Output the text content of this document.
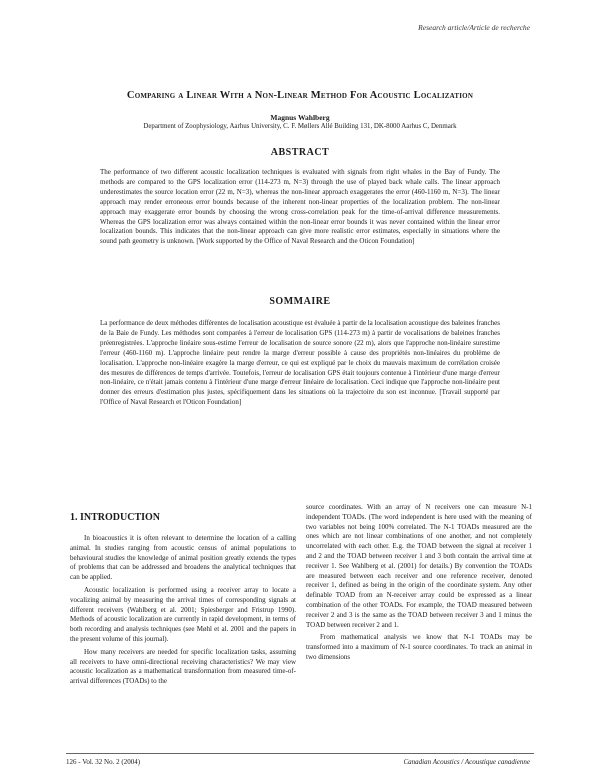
Research article/Article de recherche
Comparing a Linear With a Non-Linear Method For Acoustic Localization
Magnus Wahlberg
Department of Zoophysiology, Aarhus University, C. F. Møllers Allé Building 131, DK-8000 Aarhus C, Denmark
ABSTRACT
The performance of two different acoustic localization techniques is evaluated with signals from right whales in the Bay of Fundy. The methods are compared to the GPS localization error (114-273 m, N=3) through the use of played back whale calls. The linear approach underestimates the source location error (22 m, N=3), whereas the non-linear approach exaggerates the error (460-1160 m, N=3). The linear approach may render erroneous error bounds because of the inherent non-linear properties of the localization problem. The non-linear approach may exaggerate error bounds by choosing the wrong cross-correlation peak for the time-of-arrival difference measurements. Whereas the GPS localization error was always contained within the non-linear error bounds it was never contained within the linear error localization bounds. This indicates that the non-linear approach can give more realistic error estimates, especially in situations where the sound path geometry is unknown. [Work supported by the Office of Naval Research and the Oticon Foundation]
SOMMAIRE
La performance de deux méthodes différentes de localisation acoustique est évaluée à partir de la localisation acoustique des baleines franches de la Baie de Fundy. Les méthodes sont comparées à l'erreur de localisation GPS (114-273 m) à partir de vocalisations de baleines franches préenregistrées. L'approche linéaire sous-estime l'erreur de localisation de source sonore (22 m), alors que l'approche non-linéaire surestime l'erreur (460-1160 m). L'approche linéaire peut rendre la marge d'erreur possible à cause des propriétés non-linéaires du problème de localisation. L'approche non-linéaire exagère la marge d'erreur, ce qui est expliqué par le choix du mauvais maximum de corrélation croisée des mesures de différences de temps d'arrivée. Toutefois, l'erreur de localisation GPS était toujours contenue à l'intérieur d'une marge d'erreur non-linéaire, ce n'était jamais contenu à l'intérieur d'une marge d'erreur linéaire de localisation. Ceci indique que l'approche non-linéaire peut donner des erreurs d'estimation plus justes, spécifiquement dans les situations où la trajectoire du son est inconnue. [Travail supporté par l'Office of Naval Research et l'Oticon Foundation]
1. INTRODUCTION

In bioacoustics it is often relevant to determine the location of a calling animal. In studies ranging from acoustic census of animal populations to behavioural studies the knowledge of animal position greatly extends the types of problems that can be addressed and broadens the analytical techniques that can be applied.

Acoustic localization is performed using a receiver array to locate a vocalizing animal by measuring the arrival times of corresponding signals at different receivers (Wahlberg et al. 2001; Spiesberger and Fristrup 1990). Methods of acoustic localization are currently in rapid development, in terms of both recording and analysis techniques (see Møhl et al. 2001 and the papers in the present volume of this journal).

How many receivers are needed for specific localization tasks, assuming all receivers to have omni-directional receiving characteristics? We may view acoustic localization as a mathematical transformation from measured time-of-arrival differences (TOADs) to the

source coordinates. With an array of N receivers one can measure N-1 independent TOADs. (The word independent is here used with the meaning of two variables not being 100% correlated. The N-1 TOADs measured are the ones which are not linear combinations of one another, and not completely uncorrelated with each other. E.g. the TOAD between the signal at receiver 1 and 2 and the TOAD between receiver 1 and 3 both contain the arrival time at receiver 1. See Wahlberg et al. (2001) for details.) By convention the TOADs are measured between each receiver and one reference receiver, denoted receiver 1, defined as being in the origin of the coordinate system. Any other definable TOAD from an N-receiver array could be expressed as a linear combination of the other TOADs. For example, the TOAD measured between receiver 2 and 3 is the same as the TOAD between receiver 3 and 1 minus the TOAD between receiver 2 and 1.

From mathematical analysis we know that N-1 TOADs may be transformed into a maximum of N-1 source coordinates. To track an animal in two dimensions

126 - Vol. 32 No. 2 (2004)	Canadian Acoustics / Acoustique canadienne
